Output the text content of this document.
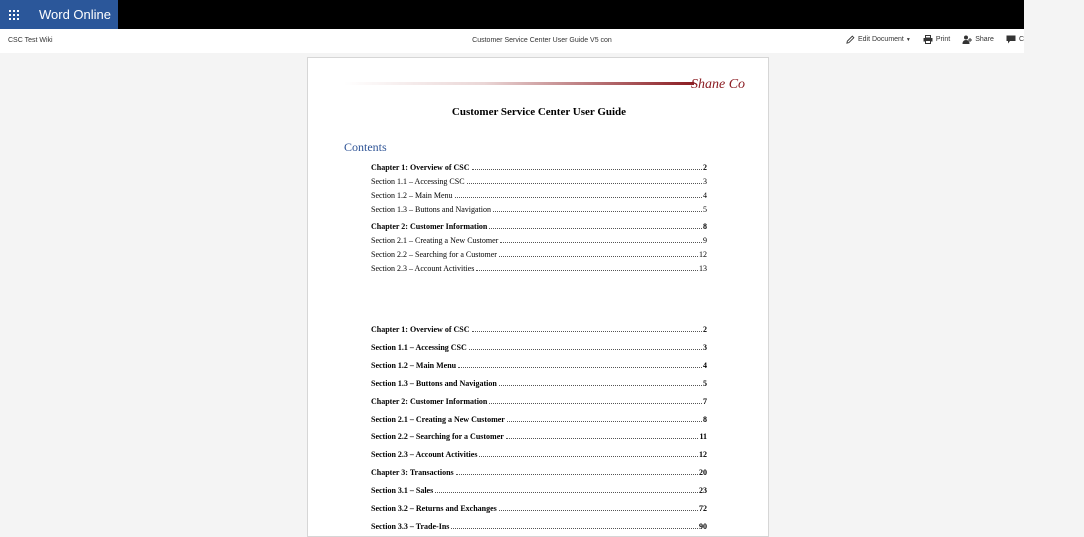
Word Online
CSC Test Wiki	Customer Service Center User Guide V5 con	Edit Document ▼	Print	Share	C
Shane Co
Customer Service Center User Guide
Contents
Chapter 1: Overview of CSC	2
Section 1.1 – Accessing CSC	3
Section 1.2 – Main Menu	4
Section 1.3 – Buttons and Navigation	5
Chapter 2: Customer Information	8
Section 2.1 – Creating a New Customer	9
Section 2.2 – Searching for a Customer	12
Section 2.3 – Account Activities	13
Chapter 1: Overview of CSC	2
Section 1.1 – Accessing CSC	3
Section 1.2 – Main Menu	4
Section 1.3 – Buttons and Navigation	5
Chapter 2: Customer Information	7
Section 2.1 – Creating a New Customer	8
Section 2.2 – Searching for a Customer	11
Section 2.3 – Account Activities	12
Chapter 3: Transactions	20
Section 3.1 – Sales	23
Section 3.2 – Returns and Exchanges	72
Section 3.3 – Trade-Ins	90
